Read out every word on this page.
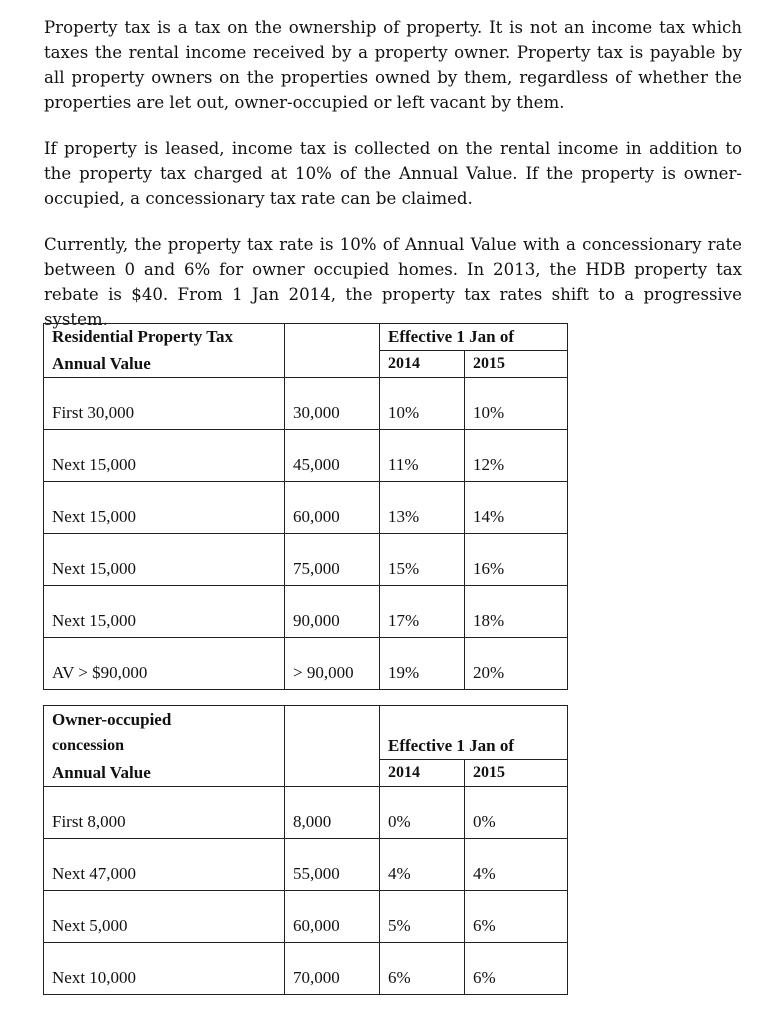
Property tax is a tax on the ownership of property. It is not an income tax which taxes the rental income received by a property owner. Property tax is payable by all property owners on the properties owned by them, regardless of whether the properties are let out, owner-occupied or left vacant by them.

If property is leased, income tax is collected on the rental income in addition to the property tax charged at 10% of the Annual Value. If the property is owner-occupied, a concessionary tax rate can be claimed.

Currently, the property tax rate is 10% of Annual Value with a concessionary rate between 0 and 6% for owner occupied homes. In 2013, the HDB property tax rebate is $40. From 1 Jan 2014, the property tax rates shift to a progressive system.

Residential Property Tax		Effective 1 Jan of	
Annual Value		2014	2015
First 30,000	30,000	10%	10%
Next 15,000	45,000	11%	12%
Next 15,000	60,000	13%	14%
Next 15,000	75,000	15%	16%
Next 15,000	90,000	17%	18%
AV > $90,000	> 90,000	19%	20%
Owner-occupied			
concession		Effective 1 Jan of	
Annual Value		2014	2015
First 8,000	8,000	0%	0%
Next 47,000	55,000	4%	4%
Next 5,000	60,000	5%	6%
Next 10,000	70,000	6%	6%
